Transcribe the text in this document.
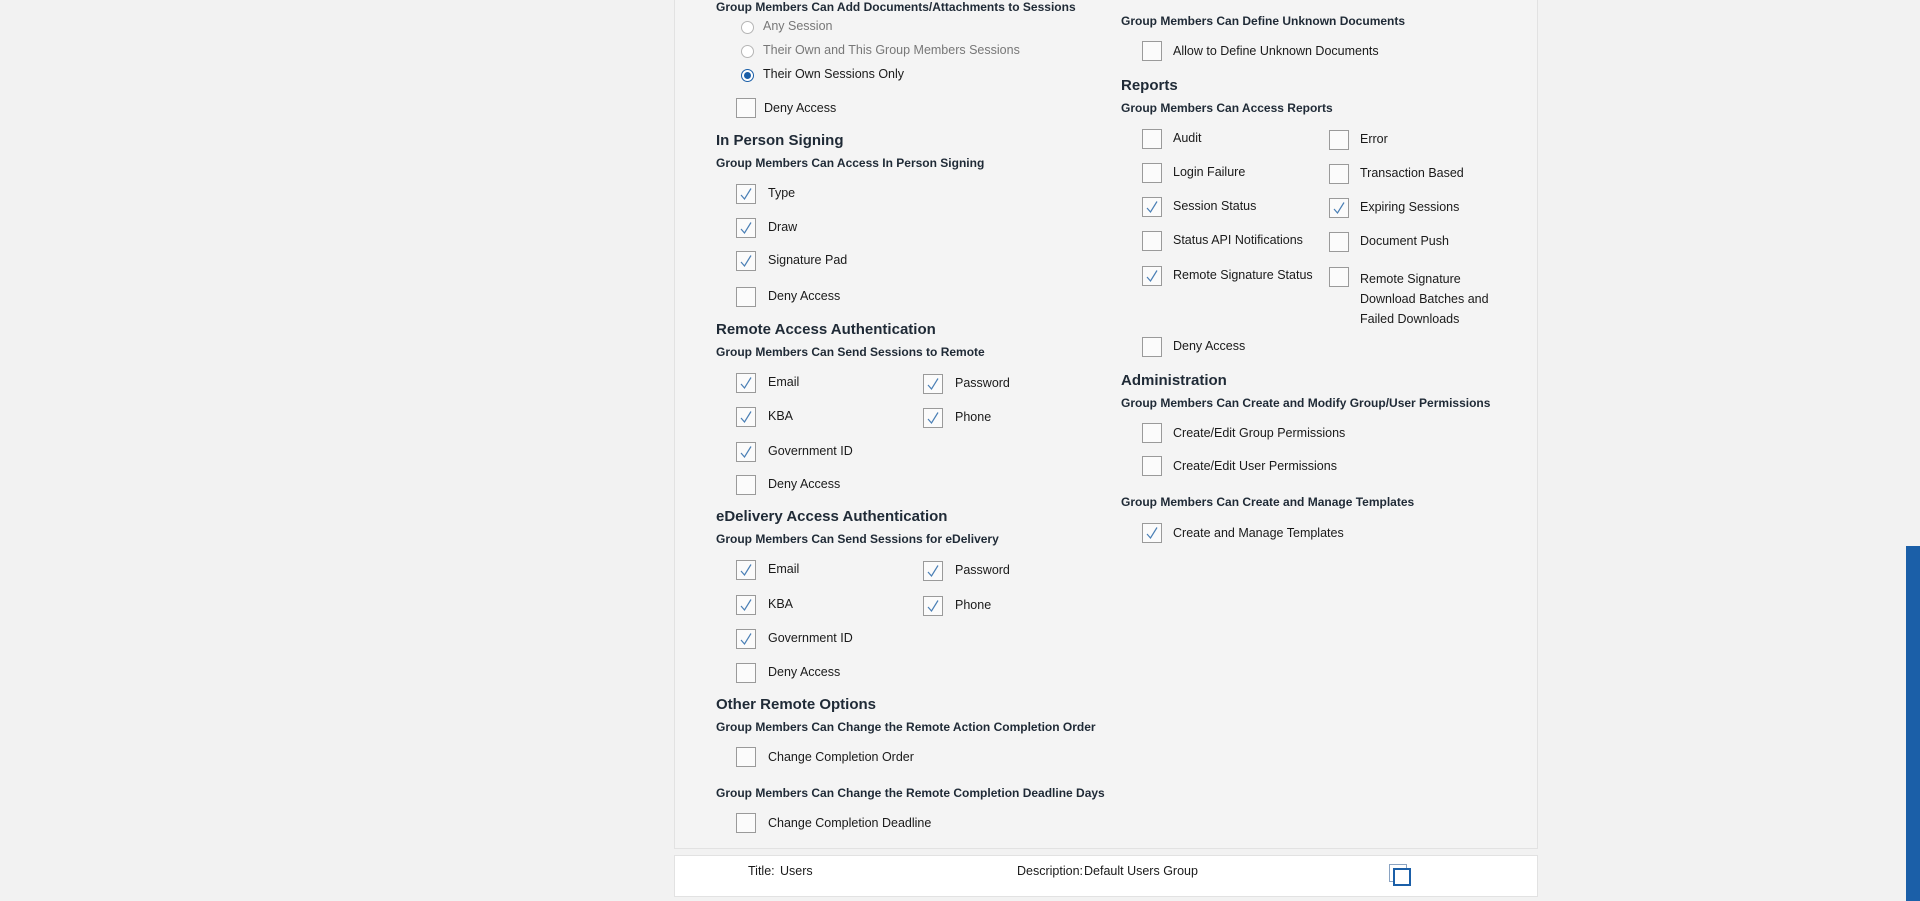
Group Members Can Add Documents/Attachments to Sessions
Any Session
Their Own and This Group Members Sessions
Their Own Sessions Only
Deny Access
In Person Signing
Group Members Can Access In Person Signing
Type
Draw
Signature Pad
Deny Access
Remote Access Authentication
Group Members Can Send Sessions to Remote
Email	Password
KBA	Phone
Government ID
Deny Access
eDelivery Access Authentication
Group Members Can Send Sessions for eDelivery
Email	Password
KBA	Phone
Government ID
Deny Access
Other Remote Options
Group Members Can Change the Remote Action Completion Order
Change Completion Order
Group Members Can Change the Remote Completion Deadline Days
Change Completion Deadline
Group Members Can Define Unknown Documents
Allow to Define Unknown Documents
Reports
Group Members Can Access Reports
Audit	Error
Login Failure	Transaction Based
Session Status	Expiring Sessions
Status API Notifications	Document Push
Remote Signature Status	Remote Signature Download Batches and Failed Downloads
Deny Access
Administration
Group Members Can Create and Modify Group/User Permissions
Create/Edit Group Permissions
Create/Edit User Permissions
Group Members Can Create and Manage Templates
Create and Manage Templates
Title: Users	Description: Default Users Group
